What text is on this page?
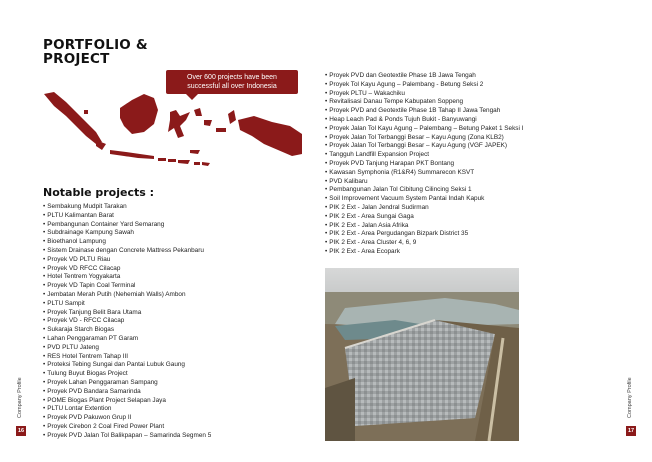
PORTFOLIO &
PROJECT
Over 600 projects have been
successful all over Indonesia
Notable projects :
• Sembakung Mudpit Tarakan
• PLTU Kalimantan Barat
• Pembangunan Container Yard Semarang
• Subdrainage Kampung Sawah
• Bioethanol Lampung
• Sistem Drainase dengan Concrete Mattress Pekanbaru
• Proyek VD PLTU Riau
• Proyek VD RFCC Cilacap
• Hotel Tentrem Yogyakarta
• Proyek VD Tapin Coal Terminal
• Jembatan Merah Putih (Nehemiah Walls) Ambon
• PLTU Sampit
• Proyek Tanjung Belit Bara Utama
• Proyek VD - RFCC Cilacap
• Sukaraja Starch Biogas
• Lahan Penggaraman PT Garam
• PVD PLTU Jateng
• RES Hotel Tentrem Tahap III
• Proteksi Tebing Sungai dan Pantai Lubuk Gaung
• Tulung Buyut Biogas Project
• Proyek Lahan Penggaraman Sampang
• Proyek PVD Bandara Samarinda
• POME Biogas Plant Project Selapan Jaya
• PLTU Lontar Extention
• Proyek PVD Pakuwon Grup II
• Proyek Cirebon 2 Coal Fired Power Plant
• Proyek PVD Jalan Tol Balikpapan – Samarinda Segmen 5
• Proyek PVD dan Geotextile Phase 1B Jawa Tengah
• Proyek Tol Kayu Agung – Palembang - Betung Seksi 2
• Proyek PLTU – Wakachiku
• Revitalisasi Danau Tempe Kabupaten Soppeng
• Proyek PVD and Geotextile Phase 1B Tahap II Jawa Tengah
• Heap Leach Pad & Ponds Tujuh Bukit - Banyuwangi
• Proyek Jalan Tol Kayu Agung – Palembang – Betung Paket 1 Seksi I
• Proyek Jalan Tol Terbanggi Besar – Kayu Agung (Zona KLB2)
• Proyek Jalan Tol Terbanggi Besar – Kayu Agung (VGF JAPEK)
• Tangguh Landfill Expansion Project
• Proyek PVD Tanjung Harapan PKT Bontang
• Kawasan Symphonia (R1&R4) Summarecon KSVT
• PVD Kalibaru
• Pembangunan Jalan Tol Cibitung Cilincing Seksi 1
• Soil Improvement Vacuum System Pantai Indah Kapuk
• PIK 2 Ext - Jalan Jendral Sudirman
• PIK 2 Ext - Area Sungai Gaga
• PIK 2 Ext - Jalan Asia Afrika
• PIK 2 Ext - Area Pergudangan Bizpark District 35
• PIK 2 Ext - Area Cluster 4, 6, 9
• PIK 2 Ext - Area Ecopark
16
Company Profile
17
Company Profile
